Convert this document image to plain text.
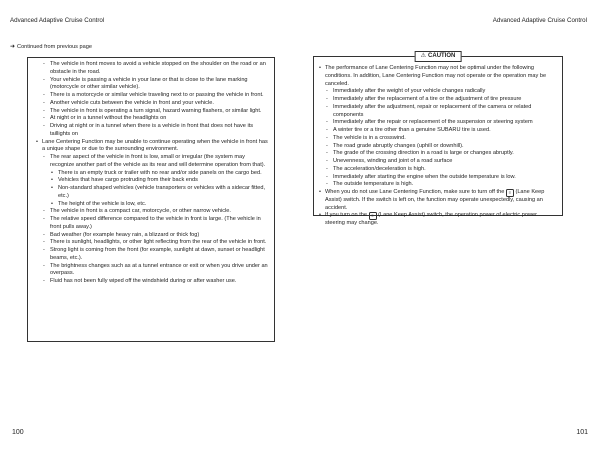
Advanced Adaptive Cruise Control
➜ Continued from previous page
- The vehicle in front moves to avoid a vehicle stopped on the shoulder on the road or an obstacle in the road.
- Your vehicle is passing a vehicle in your lane or that is close to the lane marking (motorcycle or other similar vehicle).
- There is a motorcycle or similar vehicle traveling next to or passing the vehicle in front.
- Another vehicle cuts between the vehicle in front and your vehicle.
- The vehicle in front is operating a turn signal, hazard warning flashers, or similar light.
- At night or in a tunnel without the headlights on
- Driving at night or in a tunnel when there is a vehicle in front that does not have its taillights on
• Lane Centering Function may be unable to continue operating when the vehicle in front has a unique shape or due to the surrounding environment.
- The rear aspect of the vehicle in front is low, small or irregular (the system may recognize another part of the vehicle as its rear and will determine operation from that).
• There is an empty truck or trailer with no rear and/or side panels on the cargo bed.
• Vehicles that have cargo protruding from their back ends
• Non-standard shaped vehicles (vehicle transporters or vehicles with a sidecar fitted, etc.)
• The height of the vehicle is low, etc.
- The vehicle in front is a compact car, motorcycle, or other narrow vehicle.
- The relative speed difference compared to the vehicle in front is large. (The vehicle in front pulls away.)
- Bad weather (for example heavy rain, a blizzard or thick fog)
- There is sunlight, headlights, or other light reflecting from the rear of the vehicle in front.
- Strong light is coming from the front (for example, sunlight at dawn, sunset or headlight beams, etc.).
- The brightness changes such as at a tunnel entrance or exit or when you drive under an overpass.
- Fluid has not been fully wiped off the windshield during or after washer use.
100
Advanced Adaptive Cruise Control
⚠ CAUTION
• The performance of Lane Centering Function may not be optimal under the following conditions. In addition, Lane Centering Function may not operate or the operation may be canceled.
- Immediately after the weight of your vehicle changes radically
- Immediately after the replacement of a tire or the adjustment of tire pressure
- Immediately after the adjustment, repair or replacement of the camera or related components
- Immediately after the repair or replacement of the suspension or steering system
- A winter tire or a tire other than a genuine SUBARU tire is used.
- The vehicle is in a crosswind.
- The road grade abruptly changes (uphill or downhill).
- The grade of the crossing direction in a road is large or changes abruptly.
- Unevenness, winding and joint of a road surface
- The acceleration/deceleration is high.
- Immediately after starting the engine when the outside temperature is low.
- The outside temperature is high.
• When you do not use Lane Centering Function, make sure to turn off the ≡ (Lane Keep Assist) switch. If the switch is left on, the function may operate unexpectedly, causing an accident.
• If you turn on the ≡ (Lane Keep Assist) switch, the operation power of electric power steering may change.
101
